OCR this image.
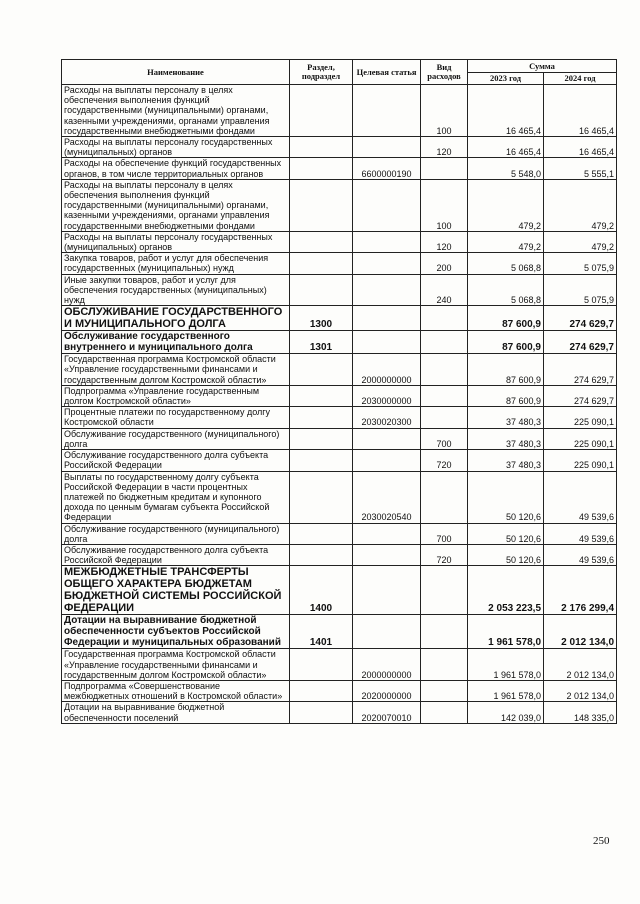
Наименование	Раздел, подраздел	Целевая статья	Вид расходов	Сумма	
				2023 год	2024 год
Расходы на выплаты персоналу в целях обеспечения выполнения функций государственными (муниципальными) органами, казенными учреждениями, органами управления государственными внебюджетными фондами			100	16 465,4	16 465,4
Расходы на выплаты персоналу государственных (муниципальных) органов			120	16 465,4	16 465,4
Расходы на обеспечение функций государственных органов, в том числе территориальных органов		6600000190		5 548,0	5 555,1
Расходы на выплаты персоналу в целях обеспечения выполнения функций государственными (муниципальными) органами, казенными учреждениями, органами управления государственными внебюджетными фондами			100	479,2	479,2
Расходы на выплаты персоналу государственных (муниципальных) органов			120	479,2	479,2
Закупка товаров, работ и услуг для обеспечения государственных (муниципальных) нужд			200	5 068,8	5 075,9
Иные закупки товаров, работ и услуг для обеспечения государственных (муниципальных) нужд			240	5 068,8	5 075,9
ОБСЛУЖИВАНИЕ ГОСУДАРСТВЕННОГО И МУНИЦИПАЛЬНОГО ДОЛГА	1300			87 600,9	274 629,7
Обслуживание государственного внутреннего и муниципального долга	1301			87 600,9	274 629,7
Государственная программа Костромской области «Управление государственными финансами и государственным долгом Костромской области»		2000000000		87 600,9	274 629,7
Подпрограмма «Управление государственным долгом Костромской области»		2030000000		87 600,9	274 629,7
Процентные платежи по государственному долгу Костромской области		2030020300		37 480,3	225 090,1
Обслуживание государственного (муниципального) долга			700	37 480,3	225 090,1
Обслуживание государственного долга субъекта Российской Федерации			720	37 480,3	225 090,1
Выплаты по государственному долгу субъекта Российской Федерации в части процентных платежей по бюджетным кредитам и купонного дохода по ценным бумагам субъекта Российской Федерации		2030020540		50 120,6	49 539,6
Обслуживание государственного (муниципального) долга			700	50 120,6	49 539,6
Обслуживание государственного долга субъекта Российской Федерации			720	50 120,6	49 539,6
МЕЖБЮДЖЕТНЫЕ ТРАНСФЕРТЫ ОБЩЕГО ХАРАКТЕРА БЮДЖЕТАМ БЮДЖЕТНОЙ СИСТЕМЫ РОССИЙСКОЙ ФЕДЕРАЦИИ	1400			2 053 223,5	2 176 299,4
Дотации на выравнивание бюджетной обеспеченности субъектов Российской Федерации и муниципальных образований	1401			1 961 578,0	2 012 134,0
Государственная программа Костромской области «Управление государственными финансами и государственным долгом Костромской области»		2000000000		1 961 578,0	2 012 134,0
Подпрограмма «Совершенствование межбюджетных отношений в Костромской области»		2020000000		1 961 578,0	2 012 134,0
Дотации на выравнивание бюджетной обеспеченности поселений		2020070010		142 039,0	148 335,0
250
